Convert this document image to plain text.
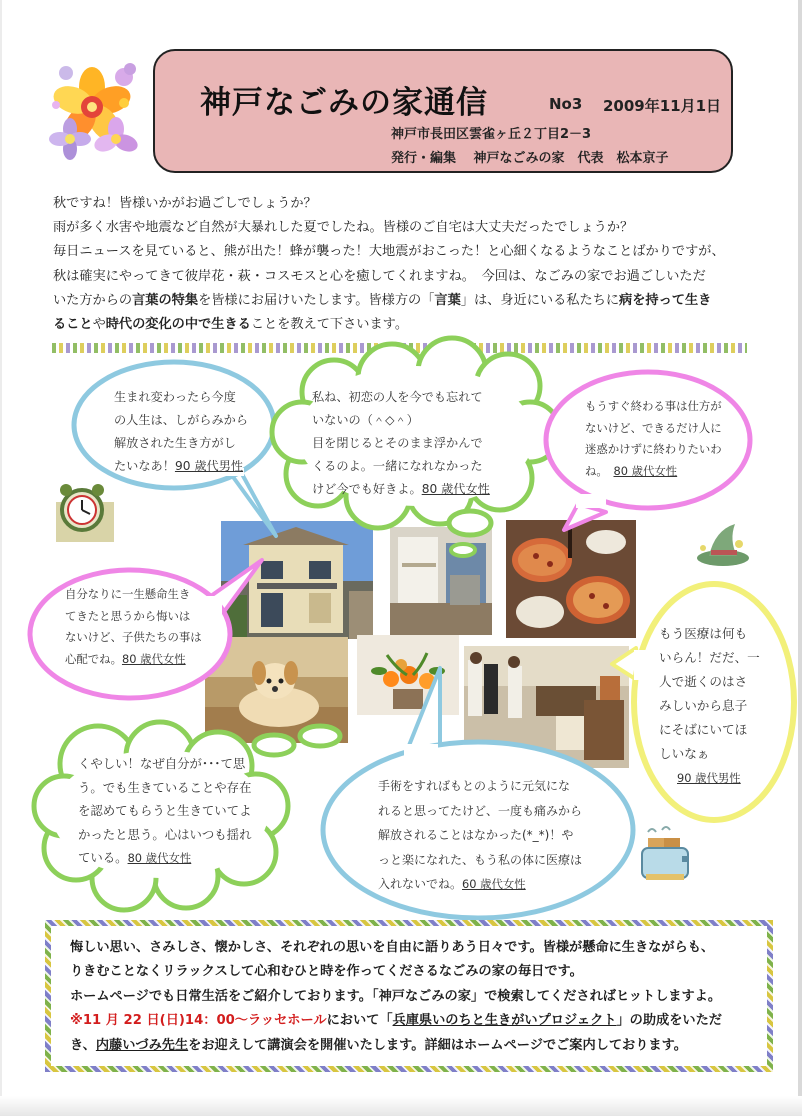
神戸なごみの家通信	No3 2009年11月1日
神戸市長田区雲雀ヶ丘２丁目2－3
発行・編集　 神戸なごみの家　代表　松本京子

秋ですね！皆様いかがお過ごしでしょうか？

雨が多く水害や地震など自然が大暴れした夏でしたね。皆様のご自宅は大丈夫だったでしょうか？

毎日ニュースを見ていると、熊が出た！蜂が襲った！大地震がおこった！と心細くなるようなことばかりですが、

秋は確実にやってきて彼岸花・萩・コスモスと心を癒してくれますね。　今回は、なごみの家でお過ごしいただ

いた方からの言葉の特集を皆様にお届けいたします。皆様方の「言葉」は、身近にいる私たちに病を持って生き

ることや時代の変化の中で生きることを教えて下さいます。

生まれ変わったら今度

の人生は、しがらみから

解放された生き方がし

たいなあ！90 歳代男性

私ね、初恋の人を今でも忘れて

いないの（＾◇＾）

目を閉じるとそのまま浮かんで

くるのよ。一緒になれなかった

けど今でも好きよ。80 歳代女性

もうすぐ終わる事は仕方が

ないけど、できるだけ人に

迷惑かけずに終わりたいわ

ね。　80 歳代女性

自分なりに一生懸命生き

てきたと思うから悔いは

ないけど、子供たちの事は

心配でね。80 歳代女性

もう医療は何も

いらん！だだ、一

人で逝くのはさ

みしいから息子

にそばにいてほ

しいなぁ

90 歳代男性

くやしい！なぜ自分が･･･て思

う。でも生きていることや存在

を認めてもらうと生きていてよ

かったと思う。心はいつも揺れ

ている。80 歳代女性

手術をすればもとのように元気にな

れると思ってたけど、一度も痛みから

解放されることはなかった(*_*)！や

っと楽になれた、もう私の体に医療は

入れないでね。60 歳代女性

悔しい思い、さみしさ、懐かしさ、それぞれの思いを自由に語りあう日々です。皆様が懸命に生きながらも、

りきむことなくリラックスして心和むひと時を作ってくださるなごみの家の毎日です。

ホームページでも日常生活をご紹介しております。「神戸なごみの家」で検索してくださればヒットしますよ。

※11 月 22 日(日)14：00～ラッセホールにおいて「兵庫県いのちと生きがいプロジェクト」の助成をいただ

き、内藤いづみ先生をお迎えして講演会を開催いたします。詳細はホームページでご案内しております。
